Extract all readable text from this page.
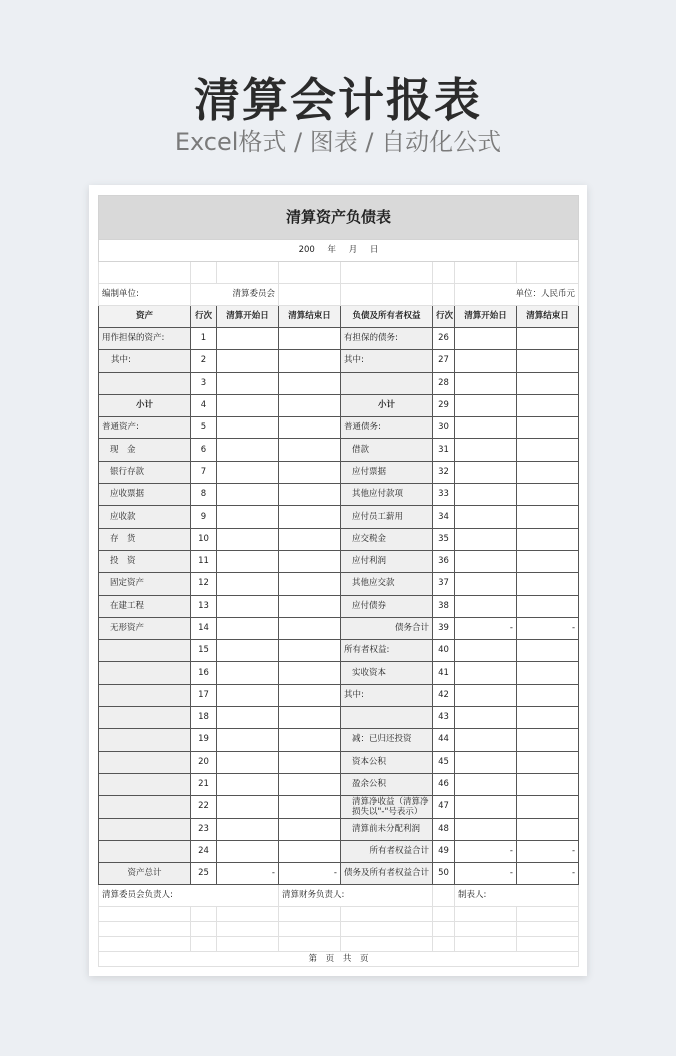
清算会计报表
Excel格式 / 图表 / 自动化公式
清算资产负债表							
200 年 月 日							

编制单位:	清算委员会					单位：人民币元	
资产	行次	清算开始日	清算结束日	负债及所有者权益	行次	清算开始日	清算结束日
用作担保的资产:	1			有担保的债务:	26		
其中:	2			其中:	27		
	3				28		
小计	4			小计	29		
普通资产:	5			普通债务:	30		
现　金	6			借款	31		
银行存款	7			应付票据	32		
应收票据	8			其他应付款项	33		
应收款	9			应付员工薪用	34		
存　货	10			应交税金	35		
投　资	11			应付利润	36		
固定资产	12			其他应交款	37		
在建工程	13			应付债券	38		
无形资产	14			债务合计	39	-	-
	15			所有者权益:	40		
	16			实收资本	41		
	17			其中:	42		
	18				43		
	19			减：已归还投资	44		
	20			资本公积	45		
	21			盈余公积	46		
	22			清算净收益（清算净损失以"-"号表示）	47		
	23			清算前未分配利润	48		
	24			所有者权益合计	49	-	-
资产总计	25	-	-	债务及所有者权益合计	50	-	-
清算委员会负责人:			清算财务负责人:			制表人:	

第 页 共 页							
